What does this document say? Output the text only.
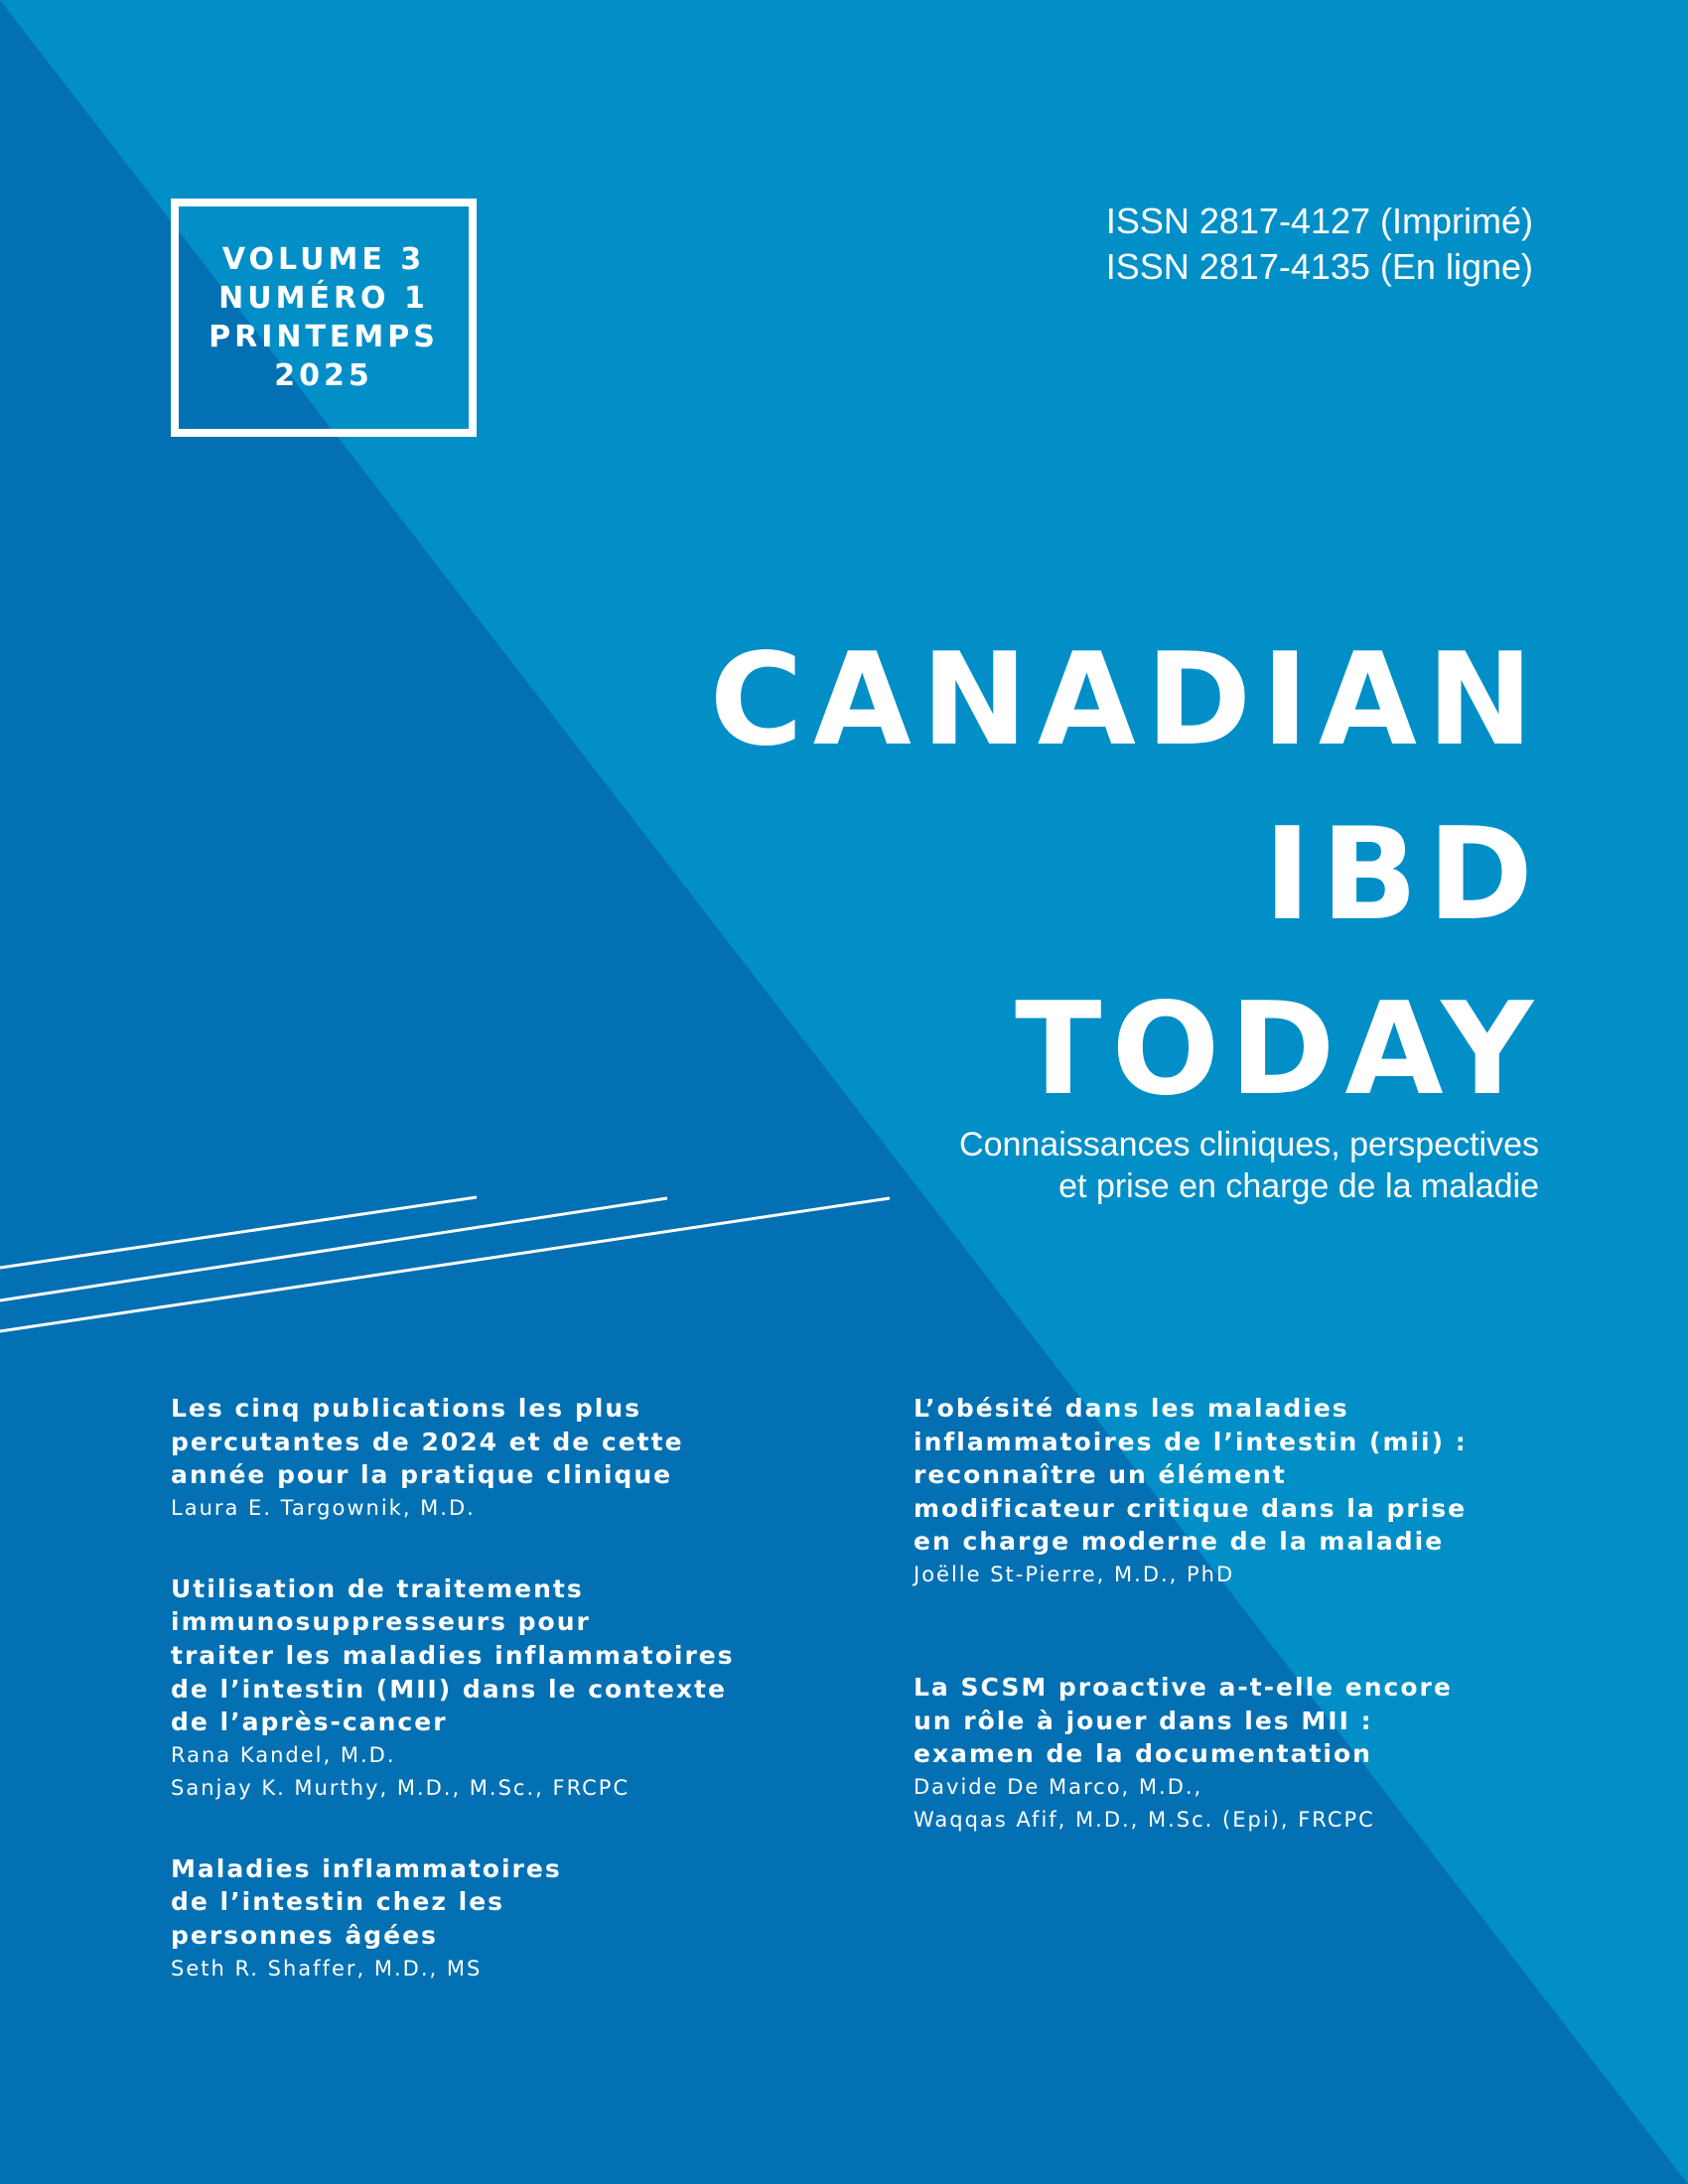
VOLUME 3
NUMÉRO 1
PRINTEMPS
2025
ISSN 2817-4127 (Imprimé)
ISSN 2817-4135 (En ligne)
CANADIAN
IBD
TODAY
Connaissances cliniques, perspectives
et prise en charge de la maladie
Les cinq publications les plus
percutantes de 2024 et de cette
année pour la pratique clinique
Laura E. Targownik, M.D.
Utilisation de traitements
immunosuppresseurs pour
traiter les maladies inflammatoires
de l’intestin (MII) dans le contexte
de l’après-cancer
Rana Kandel, M.D.
Sanjay K. Murthy, M.D., M.Sc., FRCPC
Maladies inflammatoires
de l’intestin chez les
personnes âgées
Seth R. Shaffer, M.D., MS
L’obésité dans les maladies
inflammatoires de l’intestin (mii) :
reconnaître un élément
modificateur critique dans la prise
en charge moderne de la maladie
Joëlle St-Pierre, M.D., PhD
La SCSM proactive a-t-elle encore
un rôle à jouer dans les MII :
examen de la documentation
Davide De Marco, M.D.,
Waqqas Afif, M.D., M.Sc. (Epi), FRCPC
